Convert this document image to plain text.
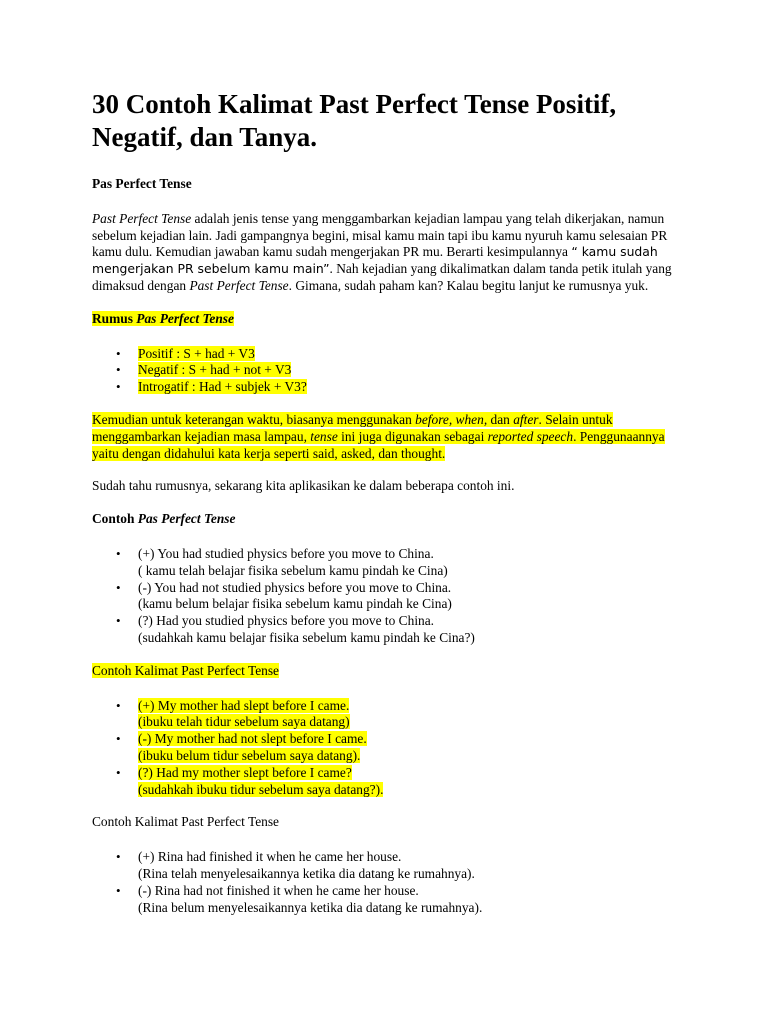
30 Contoh Kalimat Past Perfect Tense Positif, Negatif, dan Tanya.

Pas Perfect Tense

Past Perfect Tense adalah jenis tense yang menggambarkan kejadian lampau yang telah dikerjakan, namun sebelum kejadian lain. Jadi gampangnya begini, misal kamu main tapi ibu kamu nyuruh kamu selesaian PR kamu dulu. Kemudian jawaban kamu sudah mengerjakan PR mu. Berarti kesimpulannya “ kamu sudah mengerjakan PR sebelum kamu main”. Nah kejadian yang dikalimatkan dalam tanda petik itulah yang dimaksud dengan Past Perfect Tense. Gimana, sudah paham kan? Kalau begitu lanjut ke rumusnya yuk.

Rumus Pas Perfect Tense

• Positif : S + had + V3
• Negatif : S + had + not + V3
• Introgatif : Had + subjek + V3?

Kemudian untuk keterangan waktu, biasanya menggunakan before, when, dan after. Selain untuk menggambarkan kejadian masa lampau, tense ini juga digunakan sebagai reported speech. Penggunaannya yaitu dengan didahului kata kerja seperti said, asked, dan thought.

Sudah tahu rumusnya, sekarang kita aplikasikan ke dalam beberapa contoh ini.

Contoh Pas Perfect Tense

• (+) You had studied physics before you move to China.
( kamu telah belajar fisika sebelum kamu pindah ke Cina)
• (-) You had not studied physics before you move to China.
(kamu belum belajar fisika sebelum kamu pindah ke Cina)
• (?) Had you studied physics before you move to China.
(sudahkah kamu belajar fisika sebelum kamu pindah ke Cina?)

Contoh Kalimat Past Perfect Tense

• (+) My mother had slept before I came.
(ibuku telah tidur sebelum saya datang)
• (-) My mother had not slept before I came.
(ibuku belum tidur sebelum saya datang).
• (?) Had my mother slept before I came?
(sudahkah ibuku tidur sebelum saya datang?).

Contoh Kalimat Past Perfect Tense

• (+) Rina had finished it when he came her house.
(Rina telah menyelesaikannya ketika dia datang ke rumahnya).
• (-) Rina had not finished it when he came her house.
(Rina belum menyelesaikannya ketika dia datang ke rumahnya).
